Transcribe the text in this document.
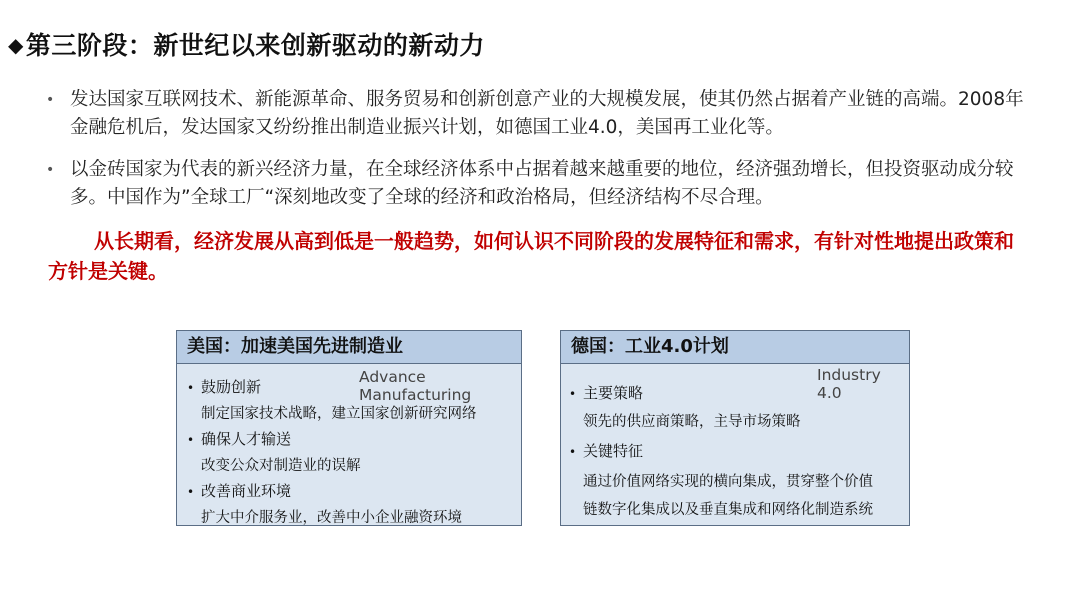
◆第三阶段：新世纪以来创新驱动的新动力
• 发达国家互联网技术、新能源革命、服务贸易和创新创意产业的大规模发展，使其仍然占据着产业链的高端。2008年金融危机后，发达国家又纷纷推出制造业振兴计划，如德国工业4.0，美国再工业化等。
• 以金砖国家为代表的新兴经济力量，在全球经济体系中占据着越来越重要的地位，经济强劲增长，但投资驱动成分较多。中国作为”全球工厂“深刻地改变了全球的经济和政治格局，但经济结构不尽合理。
从长期看，经济发展从高到低是一般趋势，如何认识不同阶段的发展特征和需求，有针对性地提出政策和方针是关键。
美国：加速美国先进制造业
Advance
Manufacturing
• 鼓励创新
制定国家技术战略，建立国家创新研究网络
• 确保人才输送
改变公众对制造业的误解
• 改善商业环境
扩大中介服务业，改善中小企业融资环境
德国：工业4.0计划
Industry
4.0
• 主要策略
领先的供应商策略，主导市场策略
• 关键特征
通过价值网络实现的横向集成，贯穿整个价值
链数字化集成以及垂直集成和网络化制造系统
